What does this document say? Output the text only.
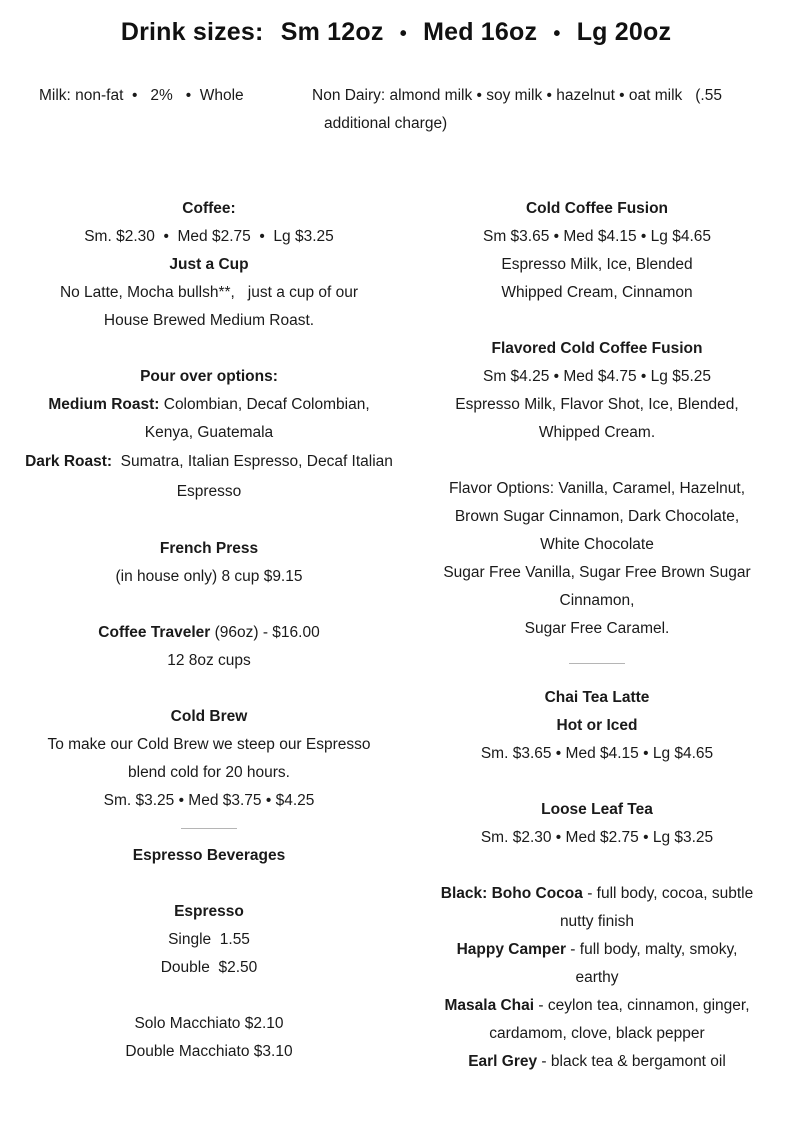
Drink sizes: Sm 12oz • Med 16oz • Lg 20oz
Milk: non-fat  •   2%   •  Whole	Non Dairy: almond milk • soy milk • hazelnut • oat milk   (.55
additional charge)
Coffee:
Sm. $2.30  •  Med $2.75  •  Lg $3.25
Just a Cup
No Latte, Mocha bullsh**,   just a cup of our
House Brewed Medium Roast.
Pour over options:
Medium Roast: Colombian, Decaf Colombian,
Kenya, Guatemala
Dark Roast:  Sumatra, Italian Espresso, Decaf Italian
Espresso
French Press
(in house only) 8 cup $9.15
Coffee Traveler (96oz) - $16.00
12 8oz cups
Cold Brew
To make our Cold Brew we steep our Espresso
blend cold for 20 hours.
Sm. $3.25 • Med $3.75 • $4.25
Espresso Beverages
Espresso
Single  1.55
Double  $2.50
Solo Macchiato $2.10
Double Macchiato $3.10
Cold Coffee Fusion
Sm $3.65 • Med $4.15 • Lg $4.65
Espresso Milk, Ice, Blended
Whipped Cream, Cinnamon
Flavored Cold Coffee Fusion
Sm $4.25 • Med $4.75 • Lg $5.25
Espresso Milk, Flavor Shot, Ice, Blended,
Whipped Cream.
Flavor Options: Vanilla, Caramel, Hazelnut,
Brown Sugar Cinnamon, Dark Chocolate,
White Chocolate
Sugar Free Vanilla, Sugar Free Brown Sugar
Cinnamon,
Sugar Free Caramel.
Chai Tea Latte
Hot or Iced
Sm. $3.65 • Med $4.15 • Lg $4.65
Loose Leaf Tea
Sm. $2.30 • Med $2.75 • Lg $3.25
Black: Boho Cocoa - full body, cocoa, subtle
nutty finish
Happy Camper - full body, malty, smoky,
earthy
Masala Chai - ceylon tea, cinnamon, ginger,
cardamom, clove, black pepper
Earl Grey - black tea & bergamont oil
